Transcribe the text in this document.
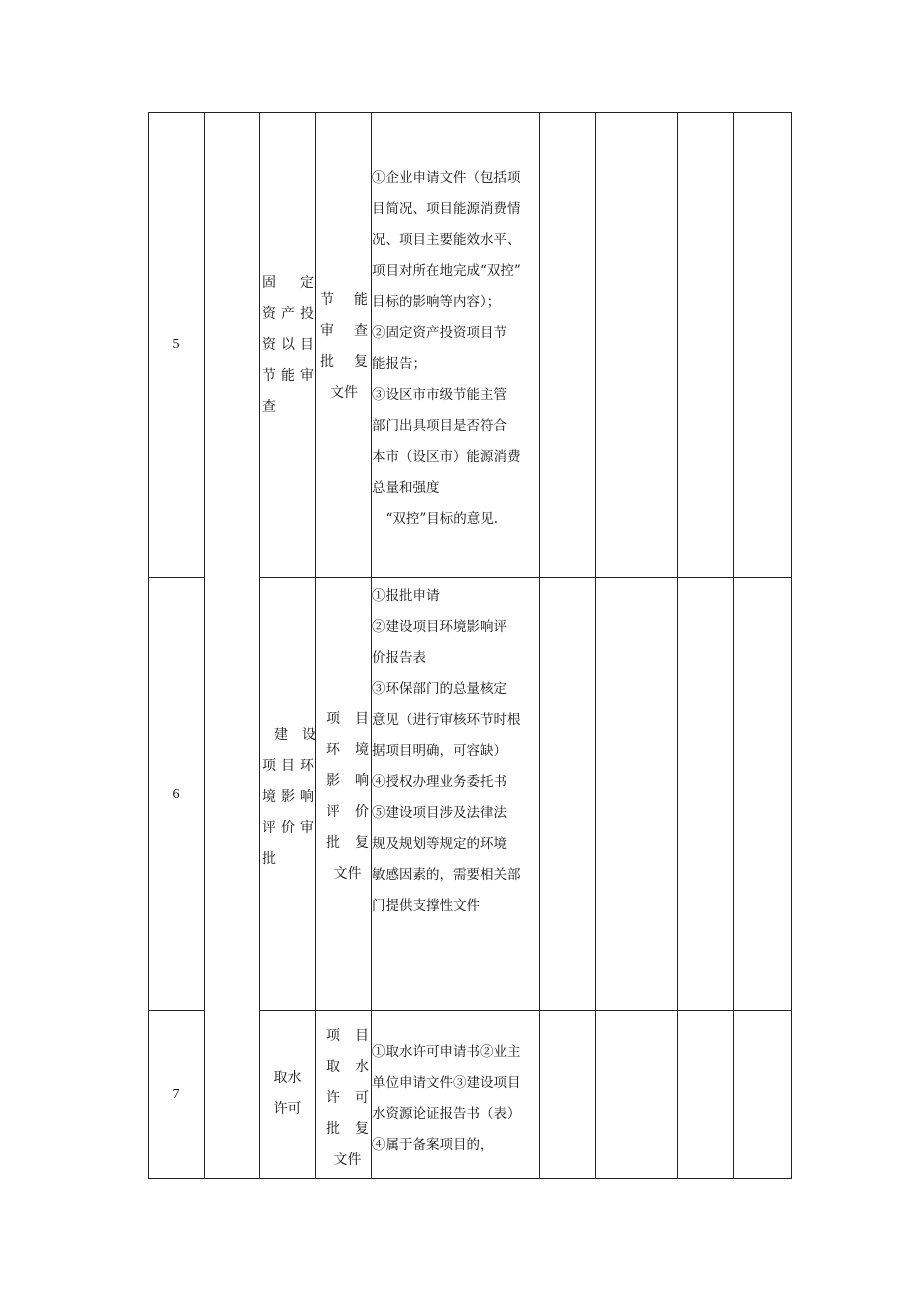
5
固　定
资产投
资以目
节能审
查
节　能
审　查
批　复
文件
①企业申请文件（包括项
目简况、项目能源消费情
况、项目主要能效水平、
项目对所在地完成“双控”
目标的影响等内容）；
②固定资产投资项目节
能报告；
③设区市市级节能主管
部门出具项目是否符合
本市（设区市）能源消费
总量和强度
　“双控”目标的意见.
6
建　设
项目环
境影响
评价审
批
项　目
环　境
影　响
评　价
批　复
文件
①报批申请
②建设项目环境影响评
价报告表
③环保部门的总量核定
意见（进行审核环节时根
据项目明确，可容缺）
④授权办理业务委托书
⑤建设项目涉及法律法
规及规划等规定的环境
敏感因素的，需要相关部
门提供支撑性文件
7
取水
许可
项　目
取　水
许　可
批　复
文件
①取水许可申请书②业主
单位申请文件③建设项目
水资源论证报告书（表）
④属于备案项目的，
